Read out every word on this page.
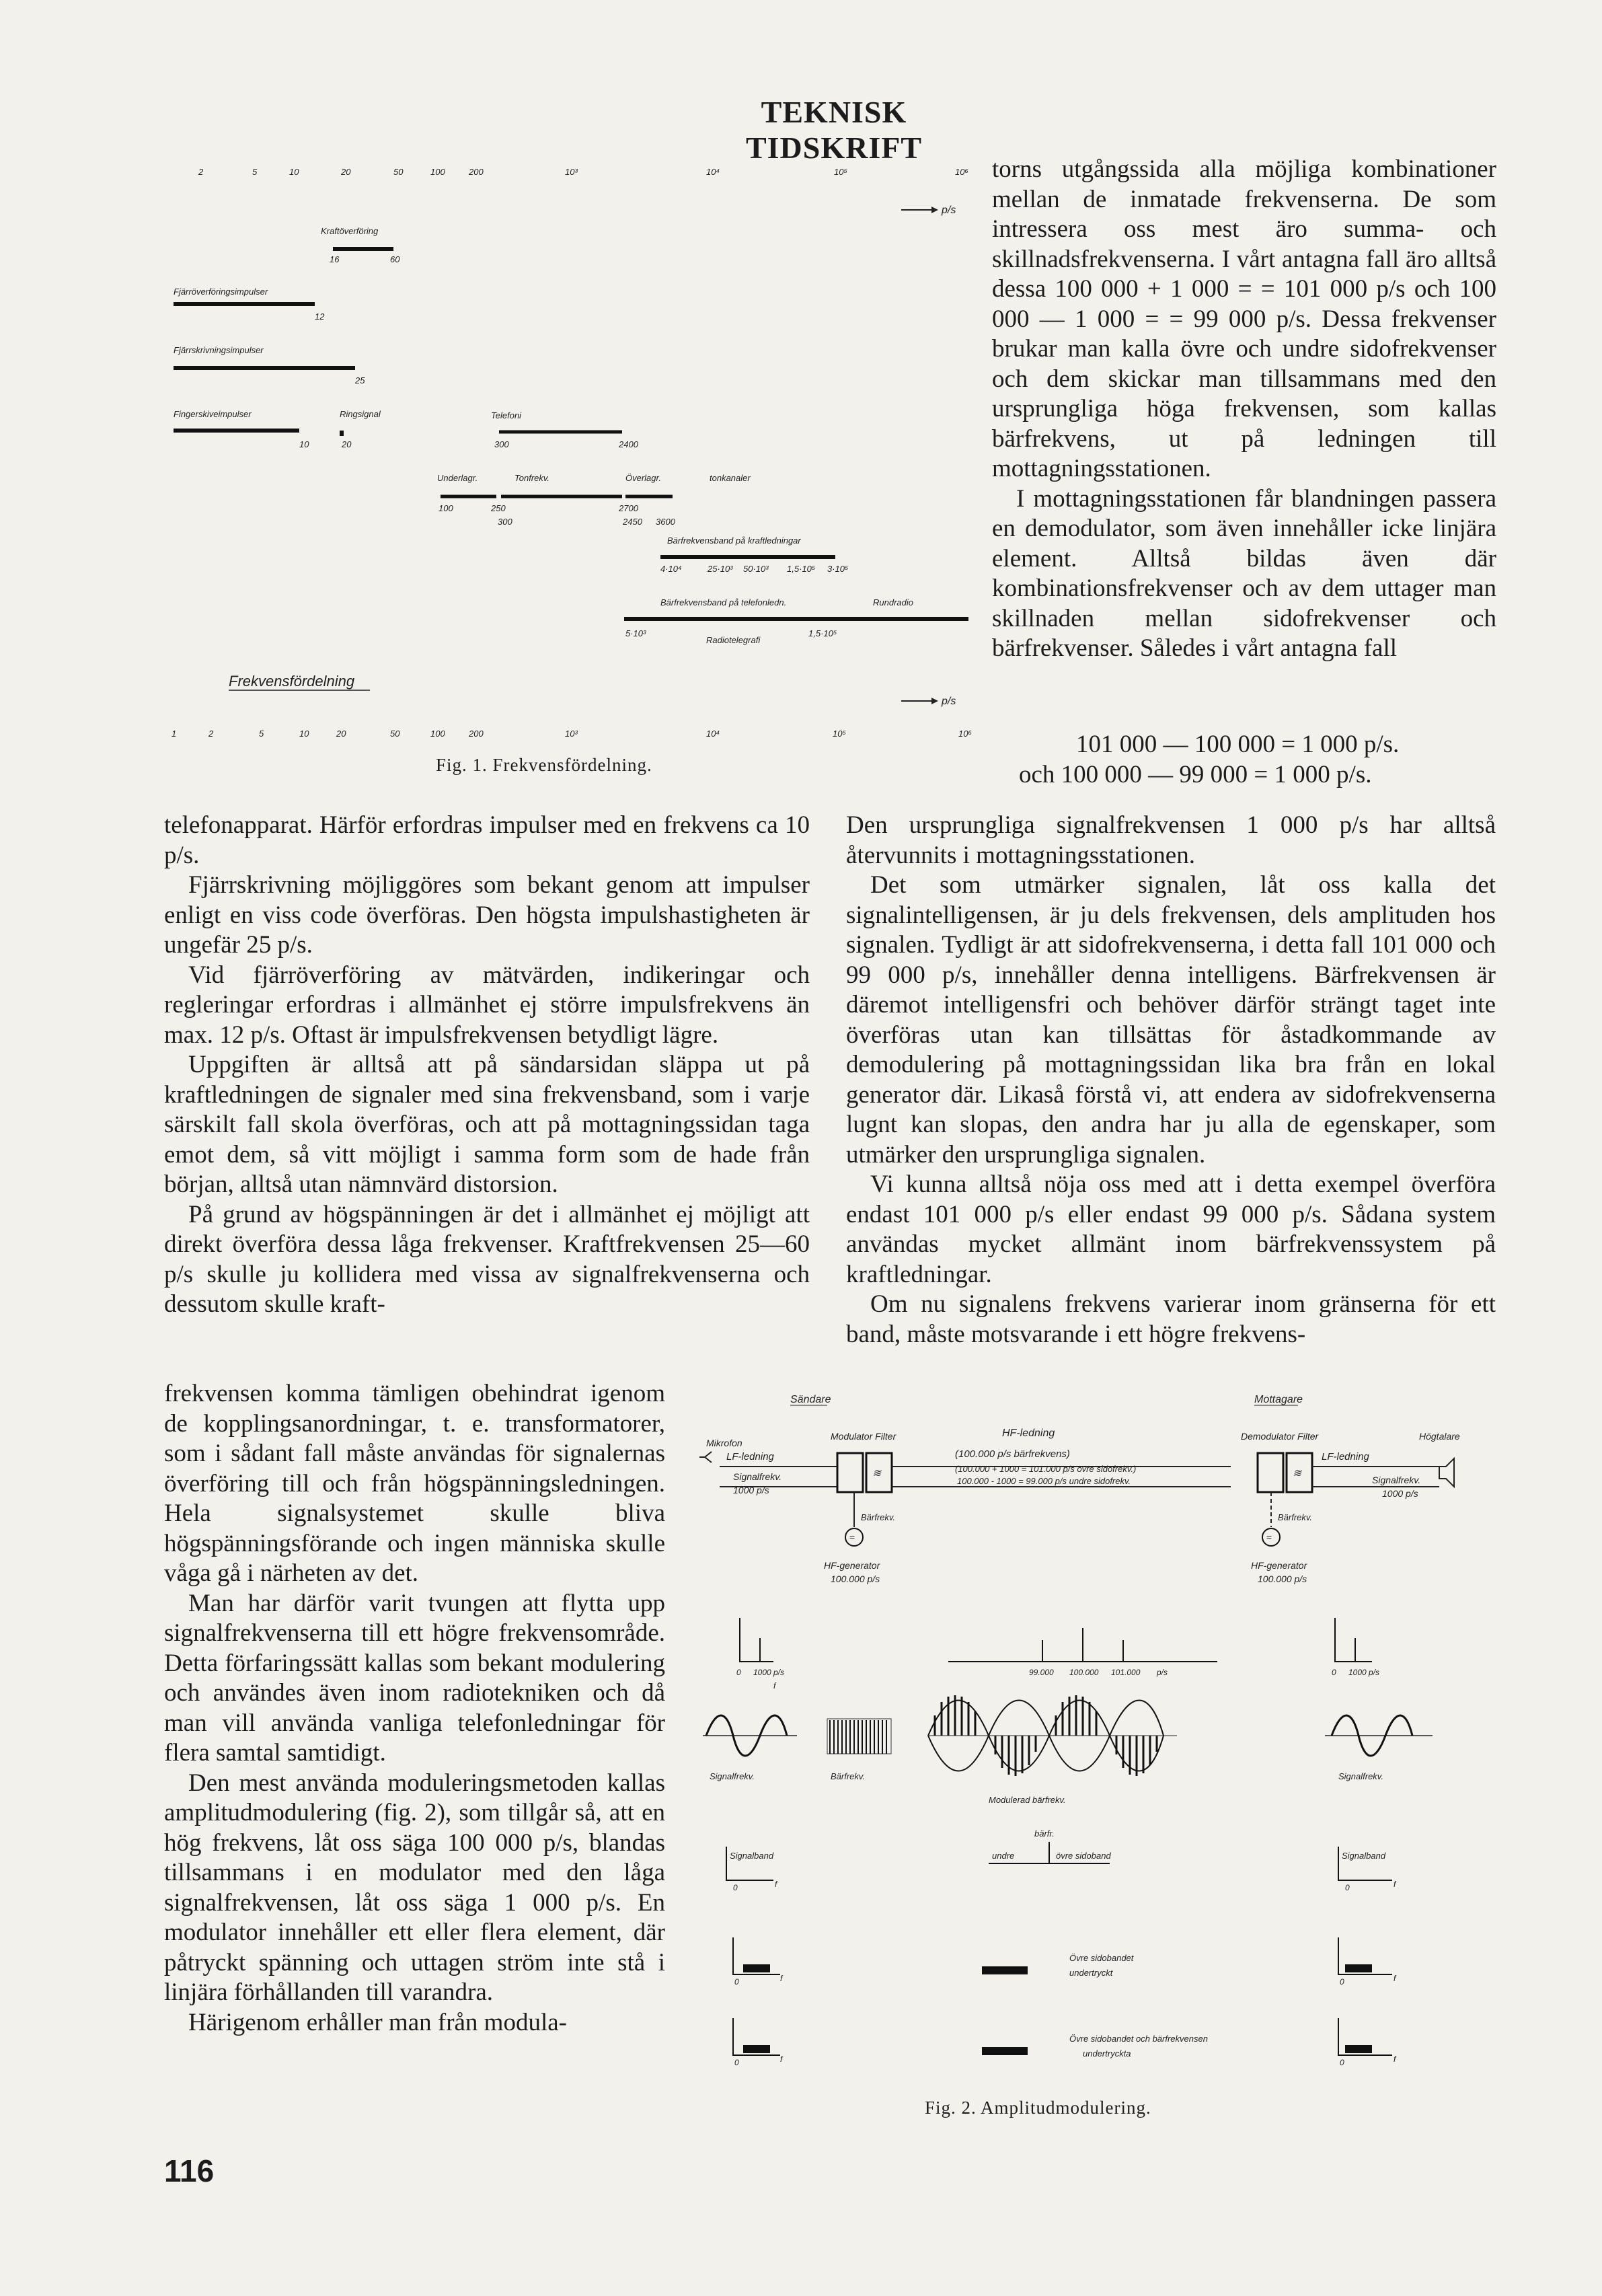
TEKNISK TIDSKRIFT
2	5	10	20	50	100	200	10³	10⁴	10⁵	10⁶
Kraftöverföring
16	60
Fjärröverföringsimpulser
12
Fjärrskrivningsimpulser
25
Fingerskiveimpulser
10
Ringsignal
20
Telefoni
300	2400
Underlagr.	Tonfrekv.	Överlagr.	tonkanaler
100	250
300
2700
2450 3600
Bärfrekvensband på kraftledningar
4·10⁴	25·10³ 50·10³ 1,5·10⁵ 3·10⁵
Bärfrekvensband på telefonledn.	Rundradio
5·10³	1,5·10⁵
Radiotelegrafi
Frekvensfördelning
p/s
p/s
1	2	5	10	20	50	100	200	10³	10⁴	10⁵	10⁶
Fig. 1. Frekvensfördelning.

torns utgångssida alla möjliga kombinationer mellan de inmatade frekvenserna. De som intressera oss mest äro summa- och skillnadsfrekvenserna. I vårt antagna fall äro alltså dessa 100 000 + 1 000 = = 101 000 p/s och 100 000 — 1 000 = = 99 000 p/s. Dessa frekvenser brukar man kalla övre och undre sidofrekvenser och dem skickar man tillsammans med den ursprungliga höga frekvensen, som kallas bärfrekvens, ut på ledningen till mottagningsstationen.

I mottagningsstationen får blandningen passera en demodulator, som även innehåller icke linjära element. Alltså bildas även där kombinationsfrekvenser och av dem uttager man skillnaden mellan sidofrekvenser och bärfrekvenser. Således i vårt antagna fall

101 000 — 100 000 = 1 000 p/s.
och 100 000 — 99 000 = 1 000 p/s.

telefonapparat. Härför erfordras impulser med en frekvens ca 10 p/s.

Fjärrskrivning möjliggöres som bekant genom att impulser enligt en viss code överföras. Den högsta impulshastigheten är ungefär 25 p/s.

Vid fjärröverföring av mätvärden, indikeringar och regleringar erfordras i allmänhet ej större impulsfrekvens än max. 12 p/s. Oftast är impulsfrekvensen betydligt lägre.

Uppgiften är alltså att på sändarsidan släppa ut på kraftledningen de signaler med sina frekvensband, som i varje särskilt fall skola överföras, och att på mottagningssidan taga emot dem, så vitt möjligt i samma form som de hade från början, alltså utan nämnvärd distorsion.

På grund av högspänningen är det i allmänhet ej möjligt att direkt överföra dessa låga frekvenser. Kraftfrekvensen 25—60 p/s skulle ju kollidera med vissa av signalfrekvenserna och dessutom skulle kraft-

frekvensen komma tämligen obehindrat igenom de kopplingsanordningar, t. e. transformatorer, som i sådant fall måste användas för signalernas överföring till och från högspänningsledningen. Hela signalsystemet skulle bliva högspänningsförande och ingen människa skulle våga gå i närheten av det.

Man har därför varit tvungen att flytta upp signalfrekvenserna till ett högre frekvensområde. Detta förfaringssätt kallas som bekant modulering och användes även inom radiotekniken och då man vill använda vanliga telefonledningar för flera samtal samtidigt.

Den mest använda moduleringsmetoden kallas amplitudmodulering (fig. 2), som tillgår så, att en hög frekvens, låt oss säga 100 000 p/s, blandas tillsammans i en modulator med den låga signalfrekvensen, låt oss säga 1 000 p/s. En modulator innehåller ett eller flera element, där påtryckt spänning och uttagen ström inte stå i linjära förhållanden till varandra.

Härigenom erhåller man från modula-

Den ursprungliga signalfrekvensen 1 000 p/s har alltså återvunnits i mottagningsstationen.

Det som utmärker signalen, låt oss kalla det signalintelligensen, är ju dels frekvensen, dels amplituden hos signalen. Tydligt är att sidofrekvenserna, i detta fall 101 000 och 99 000 p/s, innehåller denna intelligens. Bärfrekvensen är däremot intelligensfri och behöver därför strängt taget inte överföras utan kan tillsättas för åstadkommande av demodulering på mottagningssidan lika bra från en lokal generator där. Likaså förstå vi, att endera av sidofrekvenserna lugnt kan slopas, den andra har ju alla de egenskaper, som utmärker den ursprungliga signalen.

Vi kunna alltså nöja oss med att i detta exempel överföra endast 101 000 p/s eller endast 99 000 p/s. Sådana system användas mycket allmänt inom bärfrekvenssystem på kraftledningar.

Om nu signalens frekvens varierar inom gränserna för ett band, måste motsvarande i ett högre frekvens-

Sändare	Mottagare
Mikrofon
LF-ledning
Signalfrekv.
1000 p/s
Modulator Filter
≋
HF-ledning
(100.000 p/s bärfrekvens)
(100.000 + 1000 = 101.000 p/s övre sidofrekv.)
100.000 - 1000 = 99.000 p/s undre sidofrekv.
Bärfrekv.
≈
HF-generator
100.000 p/s
Demodulator Filter
≋
LF-ledning
Högtalare
Signalfrekv.
1000 p/s
Bärfrekv.
≈
HF-generator
100.000 p/s
0 1000 p/s
f
99.000 100.000 101.000 p/s	0 1000 p/s
Signalfrekv.	Bärfrekv.
Modulerad bärfrekv.
Signalfrekv.
Signalband
0	f
bärfr.
undre	övre sidoband	Signalband
0	f
0	f
Övre sidobandet
undertryckt
0	f
0	f
Övre sidobandet och bärfrekvensen
undertryckta
0	f
Fig. 2. Amplitudmodulering.
116
